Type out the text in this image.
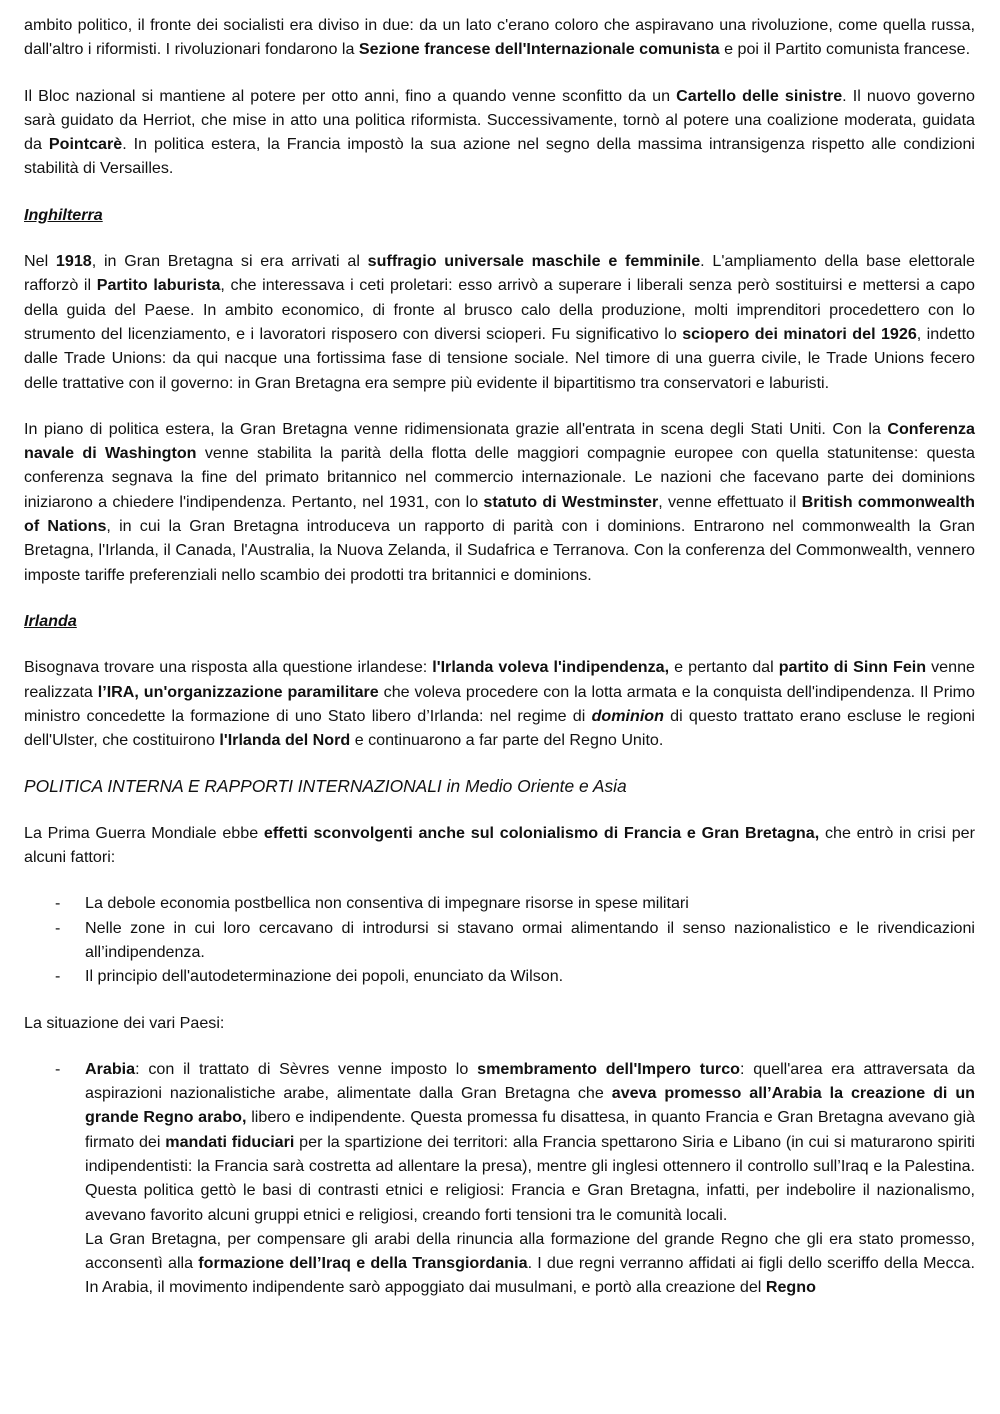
ambito politico, il fronte dei socialisti era diviso in due: da un lato c'erano coloro che aspiravano una rivoluzione, come quella russa, dall'altro i riformisti. I rivoluzionari fondarono la Sezione francese dell'Internazionale comunista e poi il Partito comunista francese.

Il Bloc nazional si mantiene al potere per otto anni, fino a quando venne sconfitto da un Cartello delle sinistre. Il nuovo governo sarà guidato da Herriot, che mise in atto una politica riformista. Successivamente, tornò al potere una coalizione moderata, guidata da Pointcarè. In politica estera, la Francia impostò la sua azione nel segno della massima intransigenza rispetto alle condizioni stabilità di Versailles.

Inghilterra

Nel 1918, in Gran Bretagna si era arrivati al suffragio universale maschile e femminile. L'ampliamento della base elettorale rafforzò il Partito laburista, che interessava i ceti proletari: esso arrivò a superare i liberali senza però sostituirsi e mettersi a capo della guida del Paese. In ambito economico, di fronte al brusco calo della produzione, molti imprenditori procedettero con lo strumento del licenziamento, e i lavoratori risposero con diversi scioperi. Fu significativo lo sciopero dei minatori del 1926, indetto dalle Trade Unions: da qui nacque una fortissima fase di tensione sociale. Nel timore di una guerra civile, le Trade Unions fecero delle trattative con il governo: in Gran Bretagna era sempre più evidente il bipartitismo tra conservatori e laburisti.

In piano di politica estera, la Gran Bretagna venne ridimensionata grazie all'entrata in scena degli Stati Uniti. Con la Conferenza navale di Washington venne stabilita la parità della flotta delle maggiori compagnie europee con quella statunitense: questa conferenza segnava la fine del primato britannico nel commercio internazionale. Le nazioni che facevano parte dei dominions iniziarono a chiedere l'indipendenza. Pertanto, nel 1931, con lo statuto di Westminster, venne effettuato il British commonwealth of Nations, in cui la Gran Bretagna introduceva un rapporto di parità con i dominions. Entrarono nel commonwealth la Gran Bretagna, l'Irlanda, il Canada, l'Australia, la Nuova Zelanda, il Sudafrica e Terranova. Con la conferenza del Commonwealth, vennero imposte tariffe preferenziali nello scambio dei prodotti tra britannici e dominions.

Irlanda

Bisognava trovare una risposta alla questione irlandese: l'Irlanda voleva l'indipendenza, e pertanto dal partito di Sinn Fein venne realizzata l’IRA, un'organizzazione paramilitare che voleva procedere con la lotta armata e la conquista dell'indipendenza. Il Primo ministro concedette la formazione di uno Stato libero d’Irlanda: nel regime di dominion di questo trattato erano escluse le regioni dell'Ulster, che costituirono l'Irlanda del Nord e continuarono a far parte del Regno Unito.

POLITICA INTERNA E RAPPORTI INTERNAZIONALI in Medio Oriente e Asia

La Prima Guerra Mondiale ebbe effetti sconvolgenti anche sul colonialismo di Francia e Gran Bretagna, che entrò in crisi per alcuni fattori:

- La debole economia postbellica non consentiva di impegnare risorse in spese militari
- Nelle zone in cui loro cercavano di introdursi si stavano ormai alimentando il senso nazionalistico e le rivendicazioni all’indipendenza.
- Il principio dell'autodeterminazione dei popoli, enunciato da Wilson.

La situazione dei vari Paesi:

- Arabia: con il trattato di Sèvres venne imposto lo smembramento dell'Impero turco: quell'area era attraversata da aspirazioni nazionalistiche arabe, alimentate dalla Gran Bretagna che aveva promesso all’Arabia la creazione di un grande Regno arabo, libero e indipendente. Questa promessa fu disattesa, in quanto Francia e Gran Bretagna avevano già firmato dei mandati fiduciari per la spartizione dei territori: alla Francia spettarono Siria e Libano (in cui si maturarono spiriti indipendentisti: la Francia sarà costretta ad allentare la presa), mentre gli inglesi ottennero il controllo sull’Iraq e la Palestina. Questa politica gettò le basi di contrasti etnici e religiosi: Francia e Gran Bretagna, infatti, per indebolire il nazionalismo, avevano favorito alcuni gruppi etnici e religiosi, creando forti tensioni tra le comunità locali.
La Gran Bretagna, per compensare gli arabi della rinuncia alla formazione del grande Regno che gli era stato promesso, acconsentì alla formazione dell’Iraq e della Transgiordania. I due regni verranno affidati ai figli dello sceriffo della Mecca. In Arabia, il movimento indipendente sarò appoggiato dai musulmani, e portò alla creazione del Regno
